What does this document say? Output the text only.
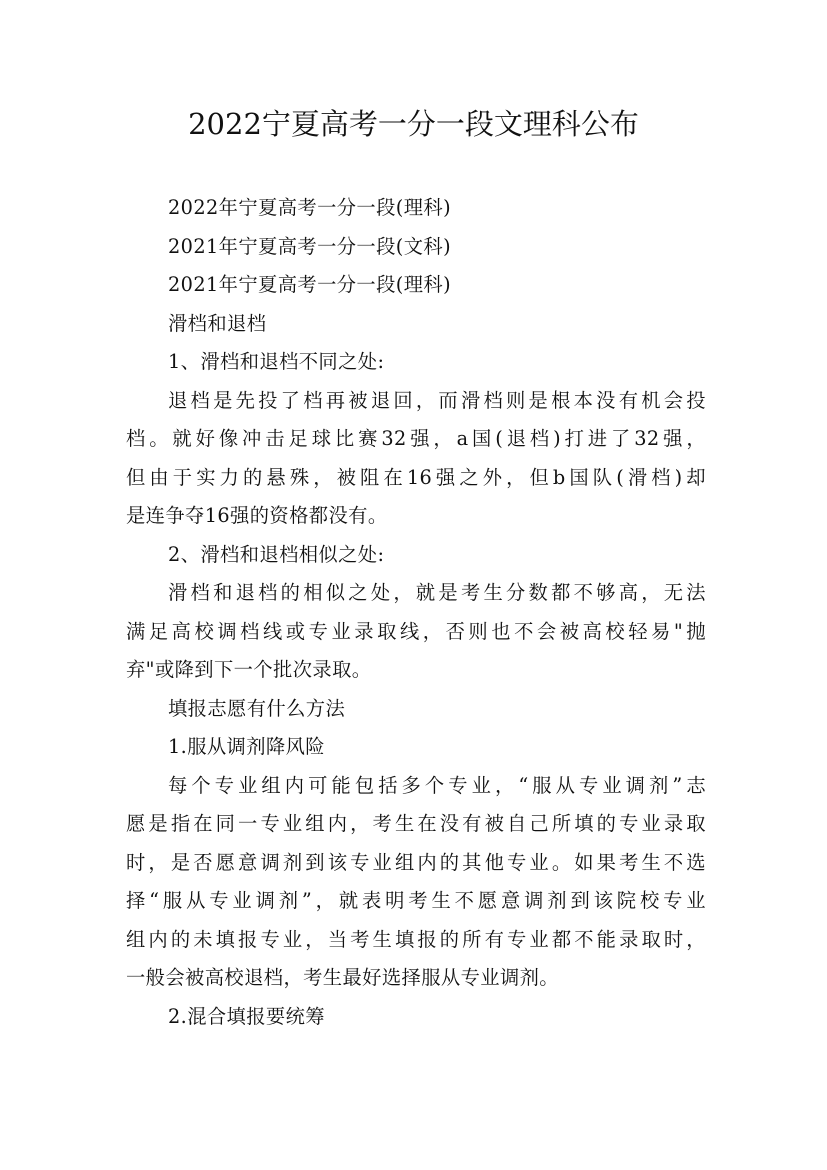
2022宁夏高考一分一段文理科公布
2022年宁夏高考一分一段(理科)
2021年宁夏高考一分一段(文科)
2021年宁夏高考一分一段(理科)
滑档和退档
1、滑档和退档不同之处:
退档是先投了档再被退回，而滑档则是根本没有机会投
档。就好像冲击足球比赛32强，a国(退档)打进了32强，
但由于实力的悬殊，被阻在16强之外，但b国队(滑档)却
是连争夺16强的资格都没有。
2、滑档和退档相似之处:
滑档和退档的相似之处，就是考生分数都不够高，无法
满足高校调档线或专业录取线，否则也不会被高校轻易"抛
弃"或降到下一个批次录取。
填报志愿有什么方法
1.服从调剂降风险
每个专业组内可能包括多个专业，“服从专业调剂”志
愿是指在同一专业组内，考生在没有被自己所填的专业录取
时，是否愿意调剂到该专业组内的其他专业。如果考生不选
择“服从专业调剂”，就表明考生不愿意调剂到该院校专业
组内的未填报专业，当考生填报的所有专业都不能录取时，
一般会被高校退档，考生最好选择服从专业调剂。
2.混合填报要统筹
